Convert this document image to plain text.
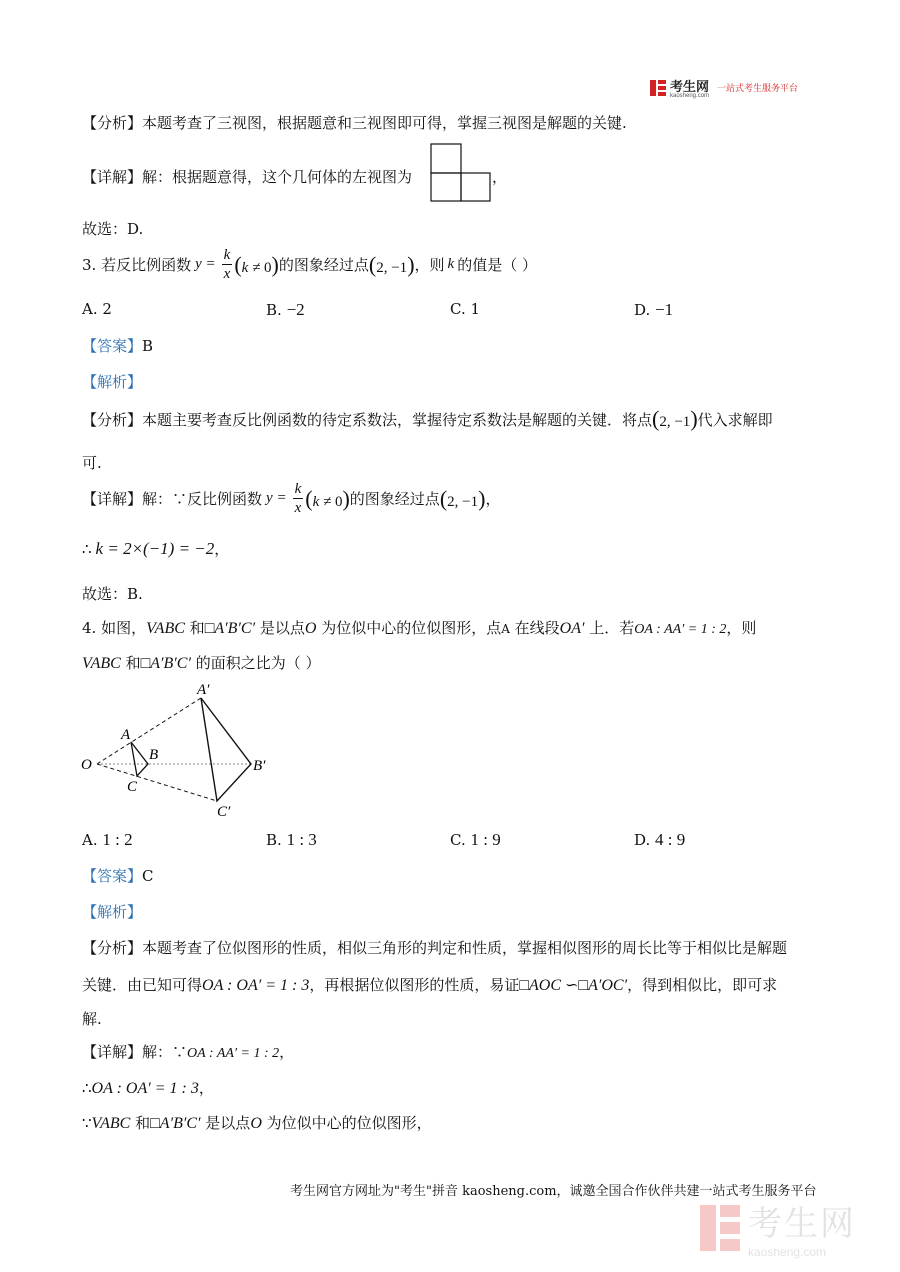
考生网
kaosheng.com
一站式考生服务平台
【分析】本题考查了三视图，根据题意和三视图即可得，掌握三视图是解题的关键.
【详解】解：根据题意得，这个几何体的左视图为	，
故选：D.
3. 若反比例函数 $y = \frac{k}{x} (k \ne 0)$ 的图象经过点 (2, −1) ，则 k 的值是（ ）
A. 2	B. −2	C. 1	D. −1
【答案】B
【解析】
【分析】本题主要考查反比例函数的待定系数法，掌握待定系数法是解题的关键．将点 (2, −1) 代入求解即
可.
【详解】解：∵反比例函数 $y = \frac{k}{x} (k \ne 0)$ 的图象经过点 (2, −1) ，
∴ k = 2×(−1) = −2 ，
故选：B.
4. 如图，VABC 和□A′B′C′ 是以点O 为位似中心的位似图形，点A 在线段OA′ 上．若OA : AA′ = 1 : 2，则
VABC 和□A′B′C′ 的面积之比为（ ）
O
A
B
C
A′
B′
C′
A. 1 : 2	B. 1 : 3	C. 1 : 9	D. 4 : 9
【答案】C
【解析】
【分析】本题考查了位似图形的性质，相似三角形的判定和性质，掌握相似图形的周长比等于相似比是解题
关键．由已知可得OA : OA′ = 1 : 3，再根据位似图形的性质，易证□AOC ∽□A′OC′，得到相似比，即可求
解.
【详解】解：∵OA : AA′ = 1 : 2，
∴OA : OA′ = 1 : 3，
∵VABC 和□A′B′C′ 是以点O 为位似中心的位似图形，
考生网官方网址为"考生"拼音 kaosheng.com，诚邀全国合作伙伴共建一站式考生服务平台
考生网
kaosheng.com
